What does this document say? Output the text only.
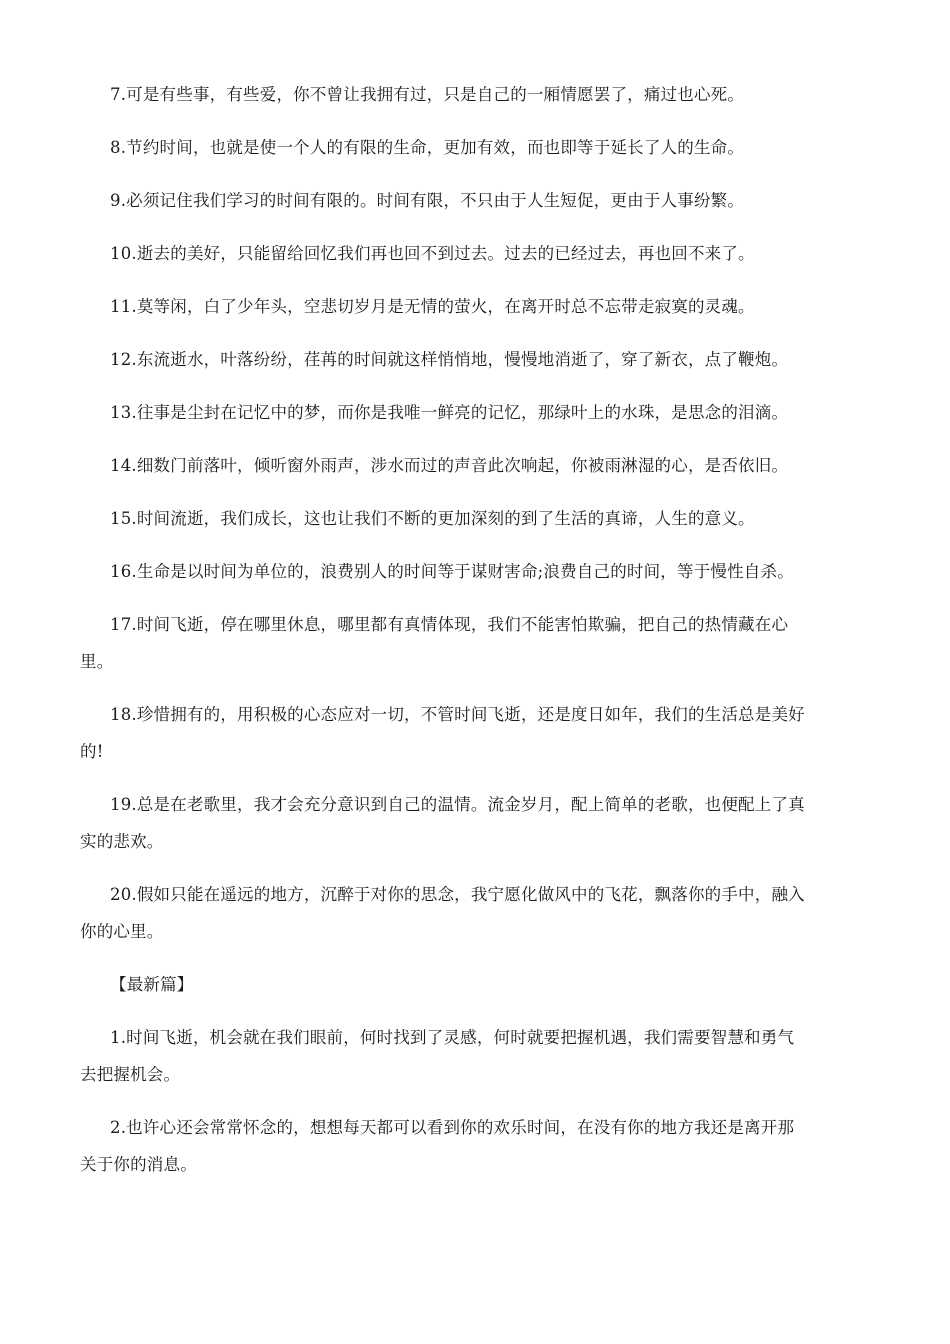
7.可是有些事，有些爱，你不曾让我拥有过，只是自己的一厢情愿罢了，痛过也心死。

8.节约时间，也就是使一个人的有限的生命，更加有效，而也即等于延长了人的生命。

9.必须记住我们学习的时间有限的。时间有限，不只由于人生短促，更由于人事纷繁。

10.逝去的美好，只能留给回忆我们再也回不到过去。过去的已经过去，再也回不来了。

11.莫等闲，白了少年头，空悲切岁月是无情的萤火，在离开时总不忘带走寂寞的灵魂。

12.东流逝水，叶落纷纷，荏苒的时间就这样悄悄地，慢慢地消逝了，穿了新衣，点了鞭炮。

13.往事是尘封在记忆中的梦，而你是我唯一鲜亮的记忆，那绿叶上的水珠，是思念的泪滴。

14.细数门前落叶，倾听窗外雨声，涉水而过的声音此次响起，你被雨淋湿的心，是否依旧。

15.时间流逝，我们成长，这也让我们不断的更加深刻的到了生活的真谛，人生的意义。

16.生命是以时间为单位的，浪费别人的时间等于谋财害命;浪费自己的时间，等于慢性自杀。

17.时间飞逝，停在哪里休息，哪里都有真情体现，我们不能害怕欺骗，把自己的热情藏在心
里。

18.珍惜拥有的，用积极的心态应对一切，不管时间飞逝，还是度日如年，我们的生活总是美好
的!

19.总是在老歌里，我才会充分意识到自己的温情。流金岁月，配上简单的老歌，也便配上了真
实的悲欢。

20.假如只能在遥远的地方，沉醉于对你的思念，我宁愿化做风中的飞花，飘落你的手中，融入
你的心里。

【最新篇】

1.时间飞逝，机会就在我们眼前，何时找到了灵感，何时就要把握机遇，我们需要智慧和勇气
去把握机会。

2.也许心还会常常怀念的，想想每天都可以看到你的欢乐时间，在没有你的地方我还是离开那
关于你的消息。
